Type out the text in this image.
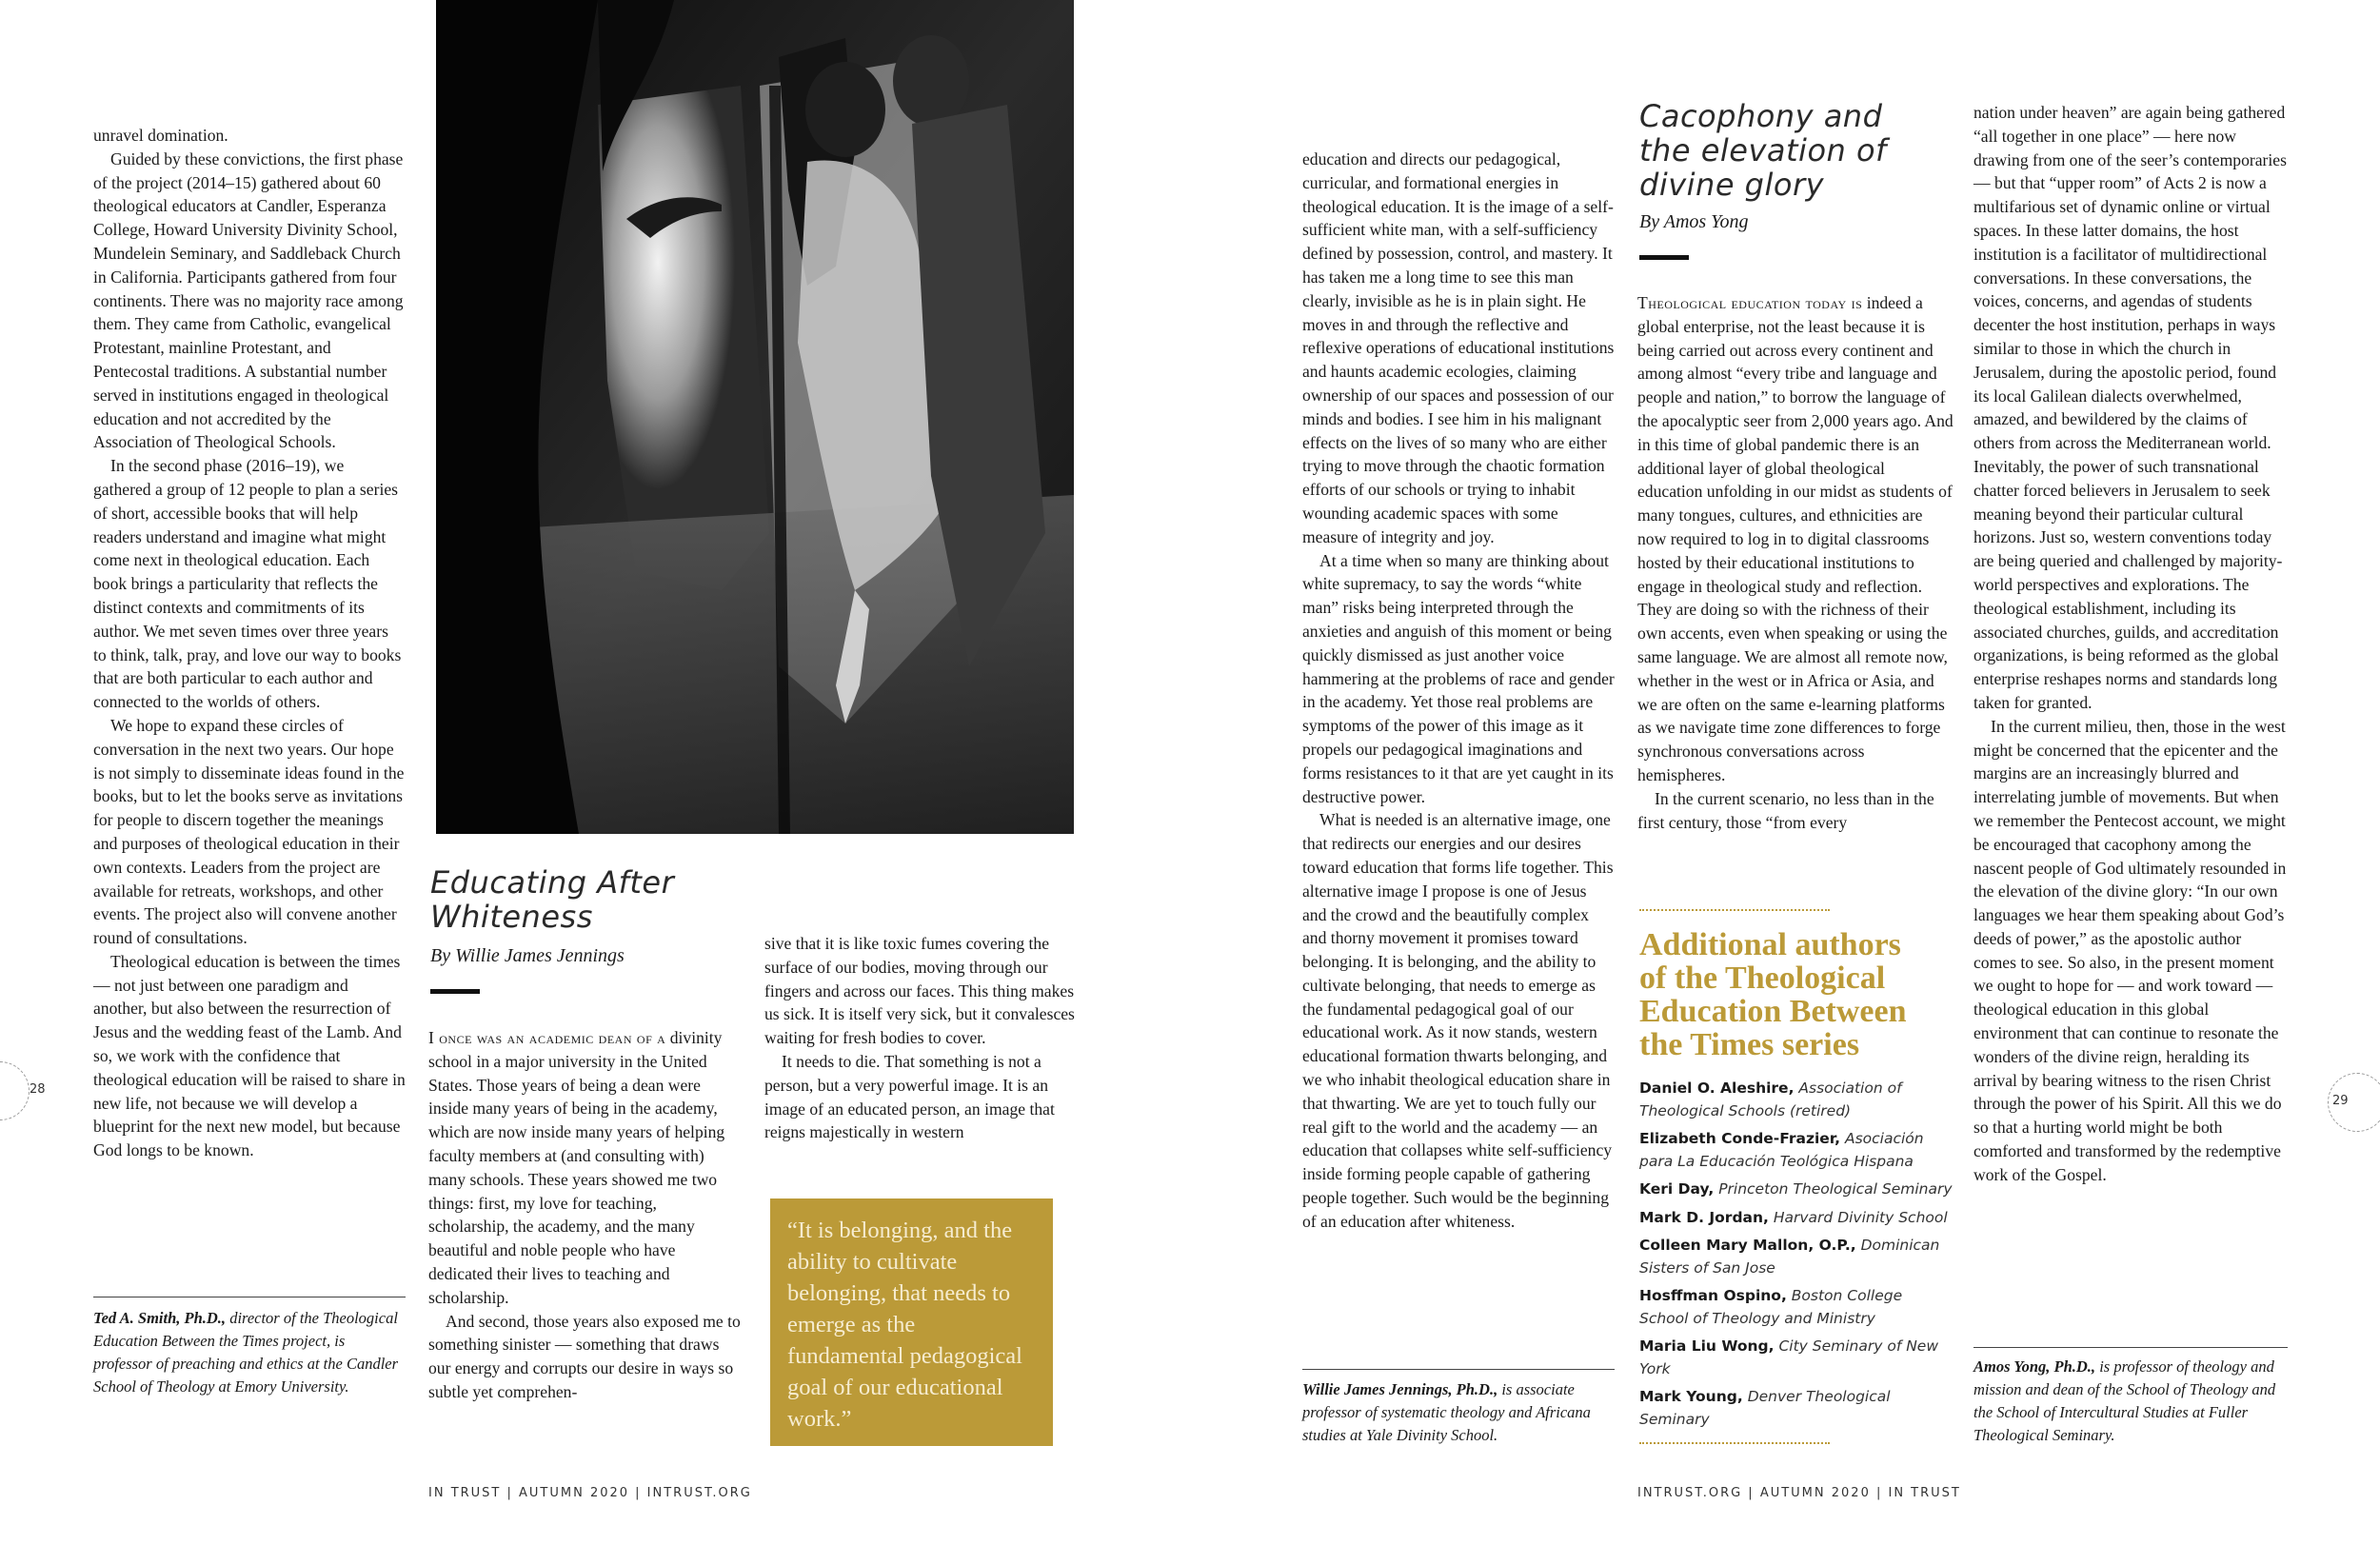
unravel domination.

Guided by these convictions, the first phase of the project (2014–15) gathered about 60 theological educators at Candler, Esperanza College, Howard University Divinity School, Mundelein Seminary, and Saddleback Church in California. Participants gathered from four continents. There was no majority race among them. They came from Catholic, evangelical Protestant, mainline Protestant, and Pentecostal traditions. A substantial number served in institutions engaged in theological education and not accredited by the Association of Theological Schools.

In the second phase (2016–19), we gathered a group of 12 people to plan a series of short, accessible books that will help readers understand and imagine what might come next in theological education. Each book brings a particularity that reflects the distinct contexts and commitments of its author. We met seven times over three years to think, talk, pray, and love our way to books that are both particular to each author and connected to the worlds of others.

We hope to expand these circles of conversation in the next two years. Our hope is not simply to disseminate ideas found in the books, but to let the books serve as invitations for people to discern together the meanings and purposes of theological education in their own contexts. Leaders from the project are available for retreats, workshops, and other events. The project also will convene another round of consultations.

Theological education is between the times — not just between one paradigm and another, but also between the resurrection of Jesus and the wedding feast of the Lamb. And so, we work with the confidence that theological education will be raised to share in new life, not because we will develop a blueprint for the next new model, but because God longs to be known.

Ted A. Smith, Ph.D., director of the Theological Education Between the Times project, is professor of preaching and ethics at the Candler School of Theology at Emory University.
Educating After Whiteness
By Willie James Jennings

I once was an academic dean of a divinity school in a major university in the United States. Those years of being a dean were inside many years of being in the academy, which are now inside many years of helping faculty members at (and consulting with) many schools. These years showed me two things: first, my love for teaching, scholarship, the academy, and the many beautiful and noble people who have dedicated their lives to teaching and scholarship.

And second, those years also exposed me to something sinister — something that draws our energy and corrupts our desire in ways so subtle yet comprehen-

sive that it is like toxic fumes covering the surface of our bodies, moving through our fingers and across our faces. This thing makes us sick. It is itself very sick, but it convalesces waiting for fresh bodies to cover.

It needs to die. That something is not a person, but a very powerful image. It is an image of an educated person, an image that reigns majestically in western

“It is belonging, and the ability to cultivate belonging, that needs to emerge as the fundamental pedagogical goal of our educational work.”

28
IN TRUST | AUTUMN 2020 | INTRUST.ORG

education and directs our pedagogical, curricular, and formational energies in theological education. It is the image of a self-sufficient white man, with a self-sufficiency defined by possession, control, and mastery. It has taken me a long time to see this man clearly, invisible as he is in plain sight. He moves in and through the reflective and reflexive operations of educational institutions and haunts academic ecologies, claiming ownership of our spaces and possession of our minds and bodies. I see him in his malignant effects on the lives of so many who are either trying to move through the chaotic formation efforts of our schools or trying to inhabit wounding academic spaces with some measure of integrity and joy.

At a time when so many are thinking about white supremacy, to say the words “white man” risks being interpreted through the anxieties and anguish of this moment or being quickly dismissed as just another voice hammering at the problems of race and gender in the academy. Yet those real problems are symptoms of the power of this image as it propels our pedagogical imaginations and forms resistances to it that are yet caught in its destructive power.

What is needed is an alternative image, one that redirects our energies and our desires toward education that forms life together. This alternative image I propose is one of Jesus and the crowd and the beautifully complex and thorny movement it promises toward belonging. It is belonging, and the ability to cultivate belonging, that needs to emerge as the fundamental pedagogical goal of our educational work. As it now stands, western educational formation thwarts belonging, and we who inhabit theological education share in that thwarting. We are yet to touch fully our real gift to the world and the academy — an education that collapses white self-sufficiency inside forming people capable of gathering people together. Such would be the beginning of an education after whiteness.

Willie James Jennings, Ph.D., is associate professor of systematic theology and Africana studies at Yale Divinity School.
Cacophony and the elevation of divine glory
By Amos Yong

Theological education today is indeed a global enterprise, not the least because it is being carried out across every continent and among almost “every tribe and language and people and nation,” to borrow the language of the apocalyptic seer from 2,000 years ago. And in this time of global pandemic there is an additional layer of global theological education unfolding in our midst as students of many tongues, cultures, and ethnicities are now required to log in to digital classrooms hosted by their educational institutions to engage in theological study and reflection. They are doing so with the richness of their own accents, even when speaking or using the same language. We are almost all remote now, whether in the west or in Africa or Asia, and we are often on the same e-learning platforms as we navigate time zone differences to forge synchronous conversations across hemispheres.

In the current scenario, no less than in the first century, those “from every

Additional authors of the Theological Education Between the Times series
Daniel O. Aleshire, Association of Theological Schools (retired)
Elizabeth Conde-Frazier, Asociación para La Educación Teológica Hispana
Keri Day, Princeton Theological Seminary
Mark D. Jordan, Harvard Divinity School
Colleen Mary Mallon, O.P., Dominican Sisters of San Jose
Hosffman Ospino, Boston College School of Theology and Ministry
Maria Liu Wong, City Seminary of New York
Mark Young, Denver Theological Seminary

nation under heaven” are again being gathered “all together in one place” — here now drawing from one of the seer’s contemporaries — but that “upper room” of Acts 2 is now a multifarious set of dynamic online or virtual spaces. In these latter domains, the host institution is a facilitator of multidirectional conversations. In these conversations, the voices, concerns, and agendas of students decenter the host institution, perhaps in ways similar to those in which the church in Jerusalem, during the apostolic period, found its local Galilean dialects overwhelmed, amazed, and bewildered by the claims of others from across the Mediterranean world. Inevitably, the power of such transnational chatter forced believers in Jerusalem to seek meaning beyond their particular cultural horizons. Just so, western conventions today are being queried and challenged by majority-world perspectives and explorations. The theological establishment, including its associated churches, guilds, and accreditation organizations, is being reformed as the global enterprise reshapes norms and standards long taken for granted.

In the current milieu, then, those in the west might be concerned that the epicenter and the margins are an increasingly blurred and interrelating jumble of movements. But when we remember the Pentecost account, we might be encouraged that cacophony among the nascent people of God ultimately resounded in the elevation of the divine glory: “In our own languages we hear them speaking about God’s deeds of power,” as the apostolic author comes to see. So also, in the present moment we ought to hope for — and work toward — theological education in this global environment that can continue to resonate the wonders of the divine reign, heralding its arrival by bearing witness to the risen Christ through the power of his Spirit. All this we do so that a hurting world might be both comforted and transformed by the redemptive work of the Gospel.

Amos Yong, Ph.D., is professor of theology and mission and dean of the School of Theology and the School of Intercultural Studies at Fuller Theological Seminary.
29
INTRUST.ORG | AUTUMN 2020 | IN TRUST
